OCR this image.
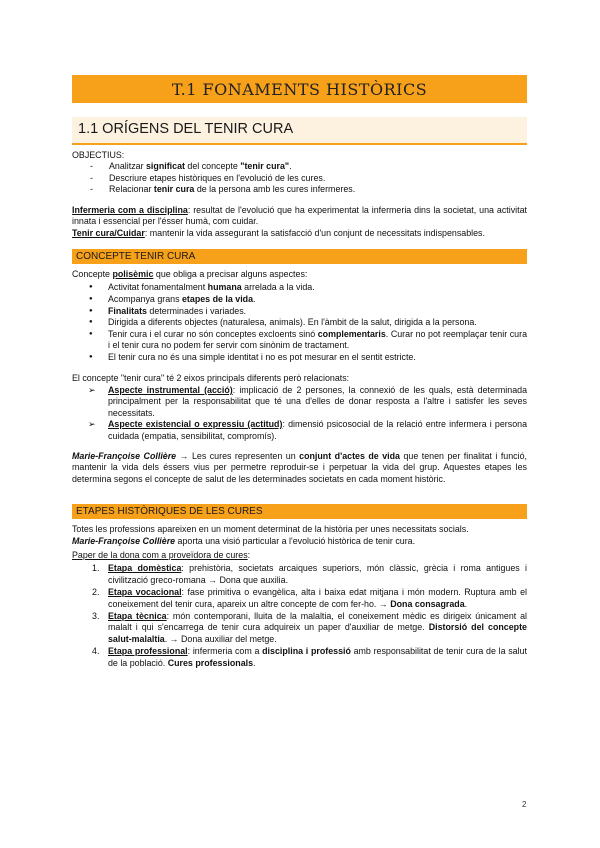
T.1 FONAMENTS HISTÒRICS
1.1 ORÍGENS DEL TENIR CURA

OBJECTIUS:

- Analitzar significat del concepte "tenir cura".
- Descriure etapes històriques en l'evolució de les cures.
- Relacionar tenir cura de la persona amb les cures infermeres.

Infermeria com a disciplina: resultat de l'evolució que ha experimentat la infermeria dins la societat, una activitat innata i essencial per l'ésser humà, com cuidar.

Tenir cura/Cuidar: mantenir la vida assegurant la satisfacció d'un conjunt de necessitats indispensables.

CONCEPTE TENIR CURA

Concepte polisèmic que obliga a precisar alguns aspectes:

● Activitat fonamentalment humana arrelada a la vida.
● Acompanya grans etapes de la vida.
● Finalitats determinades i variades.
● Dirigida a diferents objectes (naturalesa, animals). En l'àmbit de la salut, dirigida a la persona.
● Tenir cura i el curar no són conceptes excloents sinó complementaris. Curar no pot reemplaçar tenir cura i el tenir cura no podem fer servir com sinònim de tractament.
● El tenir cura no és una simple identitat i no es pot mesurar en el sentit estricte.

El concepte "tenir cura" té 2 eixos principals diferents però relacionats:

➢ Aspecte instrumental (acció): implicació de 2 persones, la connexió de les quals, està determinada principalment per la responsabilitat que té una d'elles de donar resposta a l'altre i satisfer les seves necessitats.
➢ Aspecte existencial o expressiu (actitud): dimensió psicosocial de la relació entre infermera i persona cuidada (empatia, sensibilitat, compromís).

Marie-Françoise Collière → Les cures representen un conjunt d'actes de vida que tenen per finalitat i funció, mantenir la vida dels éssers vius per permetre reproduir-se i perpetuar la vida del grup. Aquestes etapes les determina segons el concepte de salut de les determinades societats en cada moment històric.

ETAPES HISTÒRIQUES DE LES CURES

Totes les professions apareixen en un moment determinat de la història per unes necessitats socials.

Marie-Françoise Collière aporta una visió particular a l'evolució històrica de tenir cura.

Paper de la dona com a proveïdora de cures:

Etapa domèstica: prehistòria, societats arcaiques superiors, món clàssic, grècia i roma antigues i civilització greco-romana → Dona que auxilia.
Etapa vocacional: fase primitiva o evangèlica, alta i baixa edat mitjana i món modern. Ruptura amb el coneixement del tenir cura, apareix un altre concepte de com fer-ho. → Dona consagrada.
Etapa tècnica: món contemporani, lluita de la malaltia, el coneixement mèdic es dirigeix únicament al malalt i qui s'encarrega de tenir cura adquireix un paper d'auxiliar de metge. Distorsió del concepte salut-malaltia. → Dona auxiliar del metge.
Etapa professional: infermeria com a disciplina i professió amb responsabilitat de tenir cura de la salut de la població. Cures professionals.
2
